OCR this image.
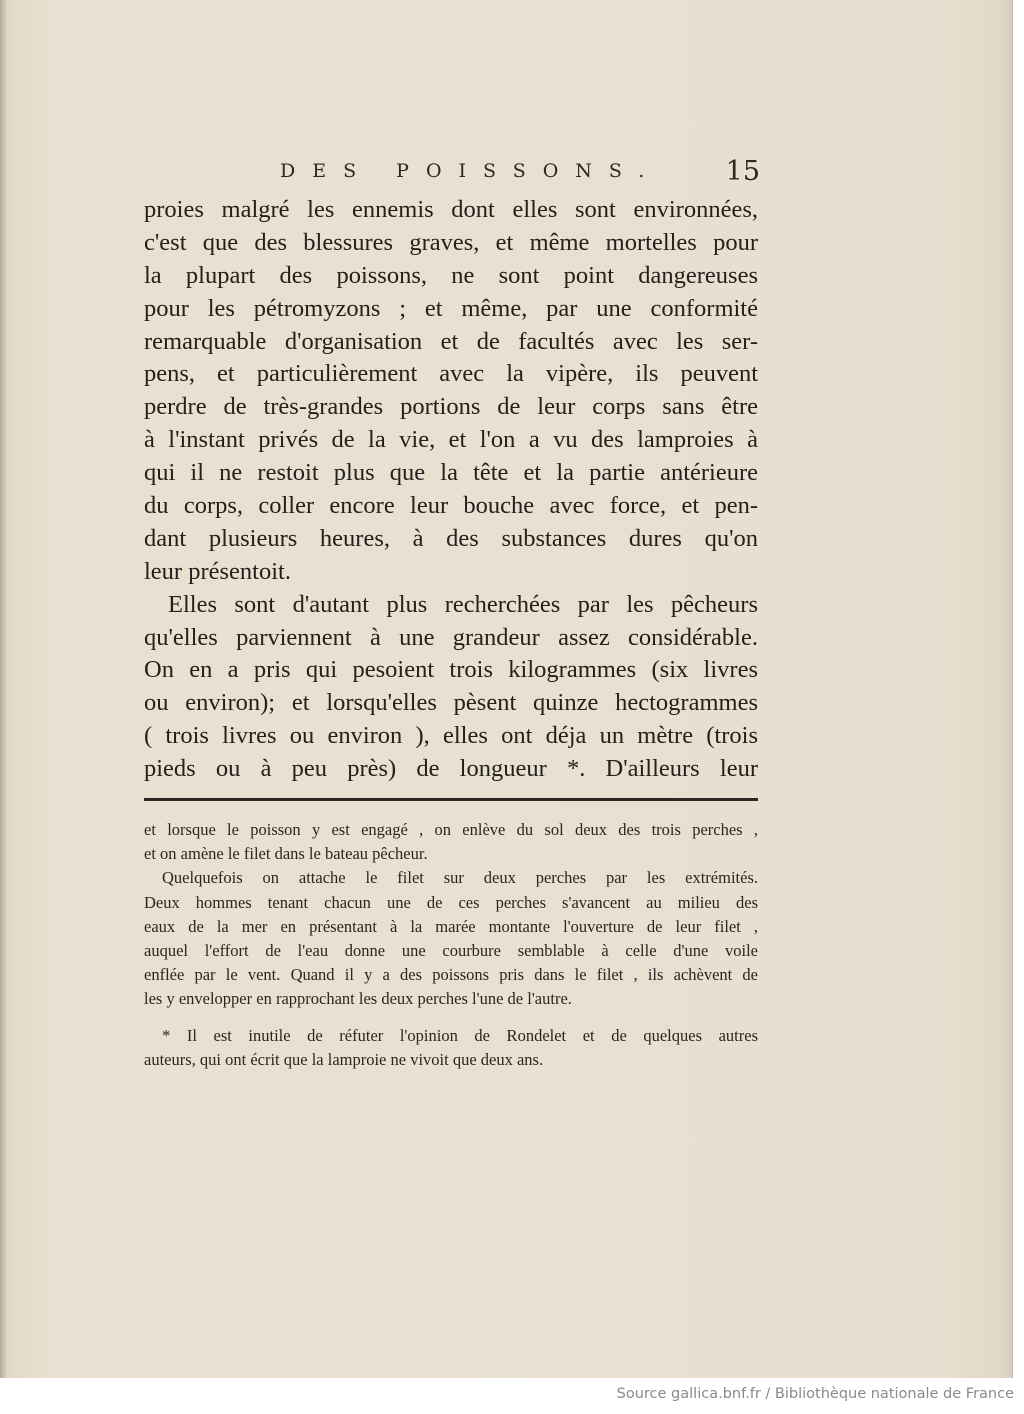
DES POISSONS. 15
proies malgré les ennemis dont elles sont environnées,
c'est que des blessures graves, et même mortelles pour
la plupart des poissons, ne sont point dangereuses
pour les pétromyzons ; et même, par une conformité
remarquable d'organisation et de facultés avec les ser-
pens, et particulièrement avec la vipère, ils peuvent
perdre de très-grandes portions de leur corps sans être
à l'instant privés de la vie, et l'on a vu des lamproies à
qui il ne restoit plus que la tête et la partie antérieure
du corps, coller encore leur bouche avec force, et pen-
dant plusieurs heures, à des substances dures qu'on
leur présentoit.
Elles sont d'autant plus recherchées par les pêcheurs
qu'elles parviennent à une grandeur assez considérable.
On en a pris qui pesoient trois kilogrammes (six livres
ou environ); et lorsqu'elles pèsent quinze hectogrammes
( trois livres ou environ ), elles ont déja un mètre (trois
pieds ou à peu près) de longueur *. D'ailleurs leur
et lorsque le poisson y est engagé , on enlève du sol deux des trois perches ,
et on amène le filet dans le bateau pêcheur.
Quelquefois on attache le filet sur deux perches par les extrémités.
Deux hommes tenant chacun une de ces perches s'avancent au milieu des
eaux de la mer en présentant à la marée montante l'ouverture de leur filet ,
auquel l'effort de l'eau donne une courbure semblable à celle d'une voile
enflée par le vent. Quand il y a des poissons pris dans le filet , ils achèvent de
les y envelopper en rapprochant les deux perches l'une de l'autre.
* Il est inutile de réfuter l'opinion de Rondelet et de quelques autres
auteurs, qui ont écrit que la lamproie ne vivoit que deux ans.
Source gallica.bnf.fr / Bibliothèque nationale de France
